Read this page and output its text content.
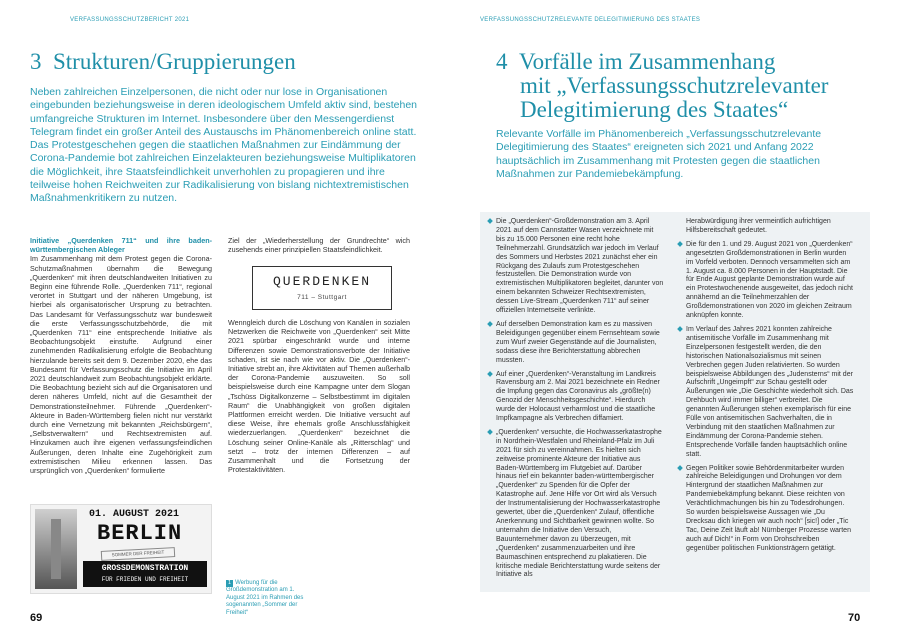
VERFASSUNGSSCHUTZBERICHT 2021
3 Strukturen/Gruppierungen

Neben zahlreichen Einzelpersonen, die nicht oder nur lose in Organisationen eingebunden beziehungsweise in deren ideologischem Umfeld aktiv sind, bestehen umfangreiche Strukturen im Internet. Insbesondere über den Messengerdienst Telegram findet ein großer Anteil des Austauschs im Phänomenbereich online statt. Das Protestgeschehen gegen die staatlichen Maßnahmen zur Eindämmung der Corona-Pandemie bot zahlreichen Einzelakteuren beziehungsweise Multiplikatoren die Möglichkeit, ihre Staatsfeindlichkeit unverhohlen zu propagieren und ihre teilweise hohen Reichweiten zur Radikalisierung von bislang nichtextremistischen Maßnahmenkritikern zu nutzen.

Initiative „Querdenken 711“ und ihre baden-württembergischen Ableger
Im Zusammenhang mit dem Protest gegen die Corona-Schutzmaßnahmen übernahm die Bewegung „Querdenken“ mit ihren deutschlandweiten Initiativen zu Beginn eine führende Rolle. „Querdenken 711“, regional verortet in Stuttgart und der näheren Umgebung, ist hierbei als organisatorischer Ursprung zu betrachten. Das Landesamt für Verfassungsschutz war bundesweit die erste Verfassungsschutzbehörde, die mit „Querdenken 711“ eine entsprechende Initiative als Beobachtungsobjekt einstufte. Aufgrund einer zunehmenden Radikalisierung erfolgte die Beobachtung hierzulande bereits seit dem 9. Dezember 2020, ehe das Bundesamt für Verfassungsschutz die Initiative im April 2021 deutschlandweit zum Beobachtungsobjekt erklärte. Die Beobachtung bezieht sich auf die Organisatoren und deren näheres Umfeld, nicht auf die Gesamtheit der Demonstrationsteilnehmer. Führende „Querdenken“-Akteure in Baden-Württemberg fielen nicht nur verstärkt durch eine Vernetzung mit bekannten „Reichsbürgern“, „Selbstverwaltern“ und Rechtsextremisten auf. Hinzukamen auch ihre eigenen verfassungsfeindlichen Äußerungen, deren Inhalte eine Zugehörigkeit zum extremistischen Milieu erkennen lassen. Das ursprünglich von „Querdenken“ formulierte
Ziel der „Wiederherstellung der Grundrechte“ wich zusehends einer prinzipiellen Staatsfeindlichkeit.
QUERDENKEN
711 – Stuttgart
Wenngleich durch die Löschung von Kanälen in sozialen Netzwerken die Reichweite von „Querdenken“ seit Mitte 2021 spürbar eingeschränkt wurde und interne Differenzen sowie Demonstrationsverbote der Initiative schaden, ist sie nach wie vor aktiv. Die „Querdenken“-Initiative strebt an, ihre Aktivitäten auf Themen außerhalb der Corona-Pandemie auszuweiten. So soll beispielsweise durch eine Kampagne unter dem Slogan „Tschüss Digitalkonzerne – Selbstbestimmt im digitalen Raum“ die Unabhängigkeit von großen digitalen Plattformen erreicht werden. Die Initiative versucht auf diese Weise, ihre ehemals große Anschlussfähigkeit wiederzuerlangen. „Querdenken“ bezeichnet die Löschung seiner Online-Kanäle als „Ritterschlag“ und setzt – trotz der internen Differenzen – auf Zusammenhalt und die Fortsetzung der Protestaktivitäten.
01. AUGUST 2021
BERLIN
SOMMER DER FREIHEIT
GROSSDEMONSTRATION
FÜR FRIEDEN UND FREIHEIT	1 Werbung für die Großdemonstration am 1. August 2021 im Rahmen des sogenannten „Sommer der Freiheit“
69
VERFASSUNGSSCHUTZRELEVANTE DELEGITIMIERUNG DES STAATES
4 Vorfälle im Zusammenhang
mit „Verfassungsschutzrelevanter
Delegitimierung des Staates“

Relevante Vorfälle im Phänomenbereich „Verfassungsschutzrelevante Delegitimierung des Staates“ ereigneten sich 2021 und Anfang 2022 hauptsächlich im Zusammenhang mit Protesten gegen die staatlichen Maßnahmen zur Pandemiebekämpfung.

Die „Querdenken“-Großdemonstration am 3. April 2021 auf dem Cannstatter Wasen verzeichnete mit bis zu 15.000 Personen eine recht hohe Teilnehmerzahl. Grundsätzlich war jedoch im Verlauf des Sommers und Herbstes 2021 zunächst eher ein Rückgang des Zulaufs zum Protestgeschehen festzustellen. Die Demonstration wurde von extremistischen Multiplikatoren begleitet, darunter von einem bekannten Schweizer Rechtsextremisten, dessen Live-Stream „Querdenken 711“ auf seiner offiziellen Internetseite verlinkte.
Auf derselben Demonstration kam es zu massiven Beleidigungen gegenüber einem Fernsehteam sowie zum Wurf zweier Gegenstände auf die Journalisten, sodass diese ihre Berichterstattung abbrechen mussten.
Auf einer „Querdenken“-Veranstaltung im Landkreis Ravensburg am 2. Mai 2021 bezeichnete ein Redner die Impfung gegen das Coronavirus als „größte(n) Genozid der Menschheitsgeschichte“. Hierdurch wurde der Holocaust verharmlost und die staatliche Impfkampagne als Verbrechen diffamiert.
„Querdenken“ versuchte, die Hochwasserkatastrophe in Nordrhein-Westfalen und Rheinland-Pfalz im Juli 2021 für sich zu vereinnahmen. Es hielten sich zeitweise prominente Akteure der Initiative aus Baden-Württemberg im Flutgebiet auf. Darüber hinaus rief ein bekannter baden-württembergischer „Querdenker“ zu Spenden für die Opfer der Katastrophe auf. Jene Hilfe vor Ort wird als Versuch der Instrumentalisierung der Hochwasserkatastrophe gewertet, über die „Querdenken“ Zulauf, öffentliche Anerkennung und Sichtbarkeit gewinnen wollte. So unternahm die Initiative den Versuch, Bauunternehmer davon zu überzeugen, mit „Querdenken“ zusammenzuarbeiten und ihre Baumaschinen entsprechend zu plakatieren. Die kritische mediale Berichterstattung wurde seitens der Initiative als
Herabwürdigung ihrer vermeintlich aufrichtigen Hilfsbereitschaft gedeutet.
Die für den 1. und 29. August 2021 von „Querdenken“ angesetzten Großdemonstrationen in Berlin wurden im Vorfeld verboten. Dennoch versammelten sich am 1. August ca. 8.000 Personen in der Hauptstadt. Die für Ende August geplante Demonstration wurde auf ein Protestwochenende ausgeweitet, das jedoch nicht annähernd an die Teilnehmerzahlen der Großdemonstrationen von 2020 im gleichen Zeitraum anknüpfen konnte.
Im Verlauf des Jahres 2021 konnten zahlreiche antisemitische Vorfälle im Zusammenhang mit Einzelpersonen festgestellt werden, die den historischen Nationalsozialismus mit seinen Verbrechen gegen Juden relativierten. So wurden beispielsweise Abbildungen des „Judensterns“ mit der Aufschrift „Ungeimpft“ zur Schau gestellt oder Äußerungen wie „Die Geschichte wiederholt sich. Das Drehbuch wird immer billiger“ verbreitet. Die genannten Äußerungen stehen exemplarisch für eine Fülle von antisemitischen Sachverhalten, die in Verbindung mit den staatlichen Maßnahmen zur Eindämmung der Corona-Pandemie stehen. Entsprechende Vorfälle fanden hauptsächlich online statt.
Gegen Politiker sowie Behördenmitarbeiter wurden zahlreiche Beleidigungen und Drohungen vor dem Hintergrund der staatlichen Maßnahmen zur Pandemiebekämpfung bekannt. Diese reichten von Verächtlichmachungen bis hin zu Todesdrohungen. So wurden beispielsweise Aussagen wie „Du Drecksau dich kriegen wir auch noch“ [sic!] oder „Tic Tac, Deine Zeit läuft ab! Nürnberger Prozesse warten auch auf Dich!“ in Form von Drohschreiben gegenüber politischen Funktionsträgern getätigt.
70
